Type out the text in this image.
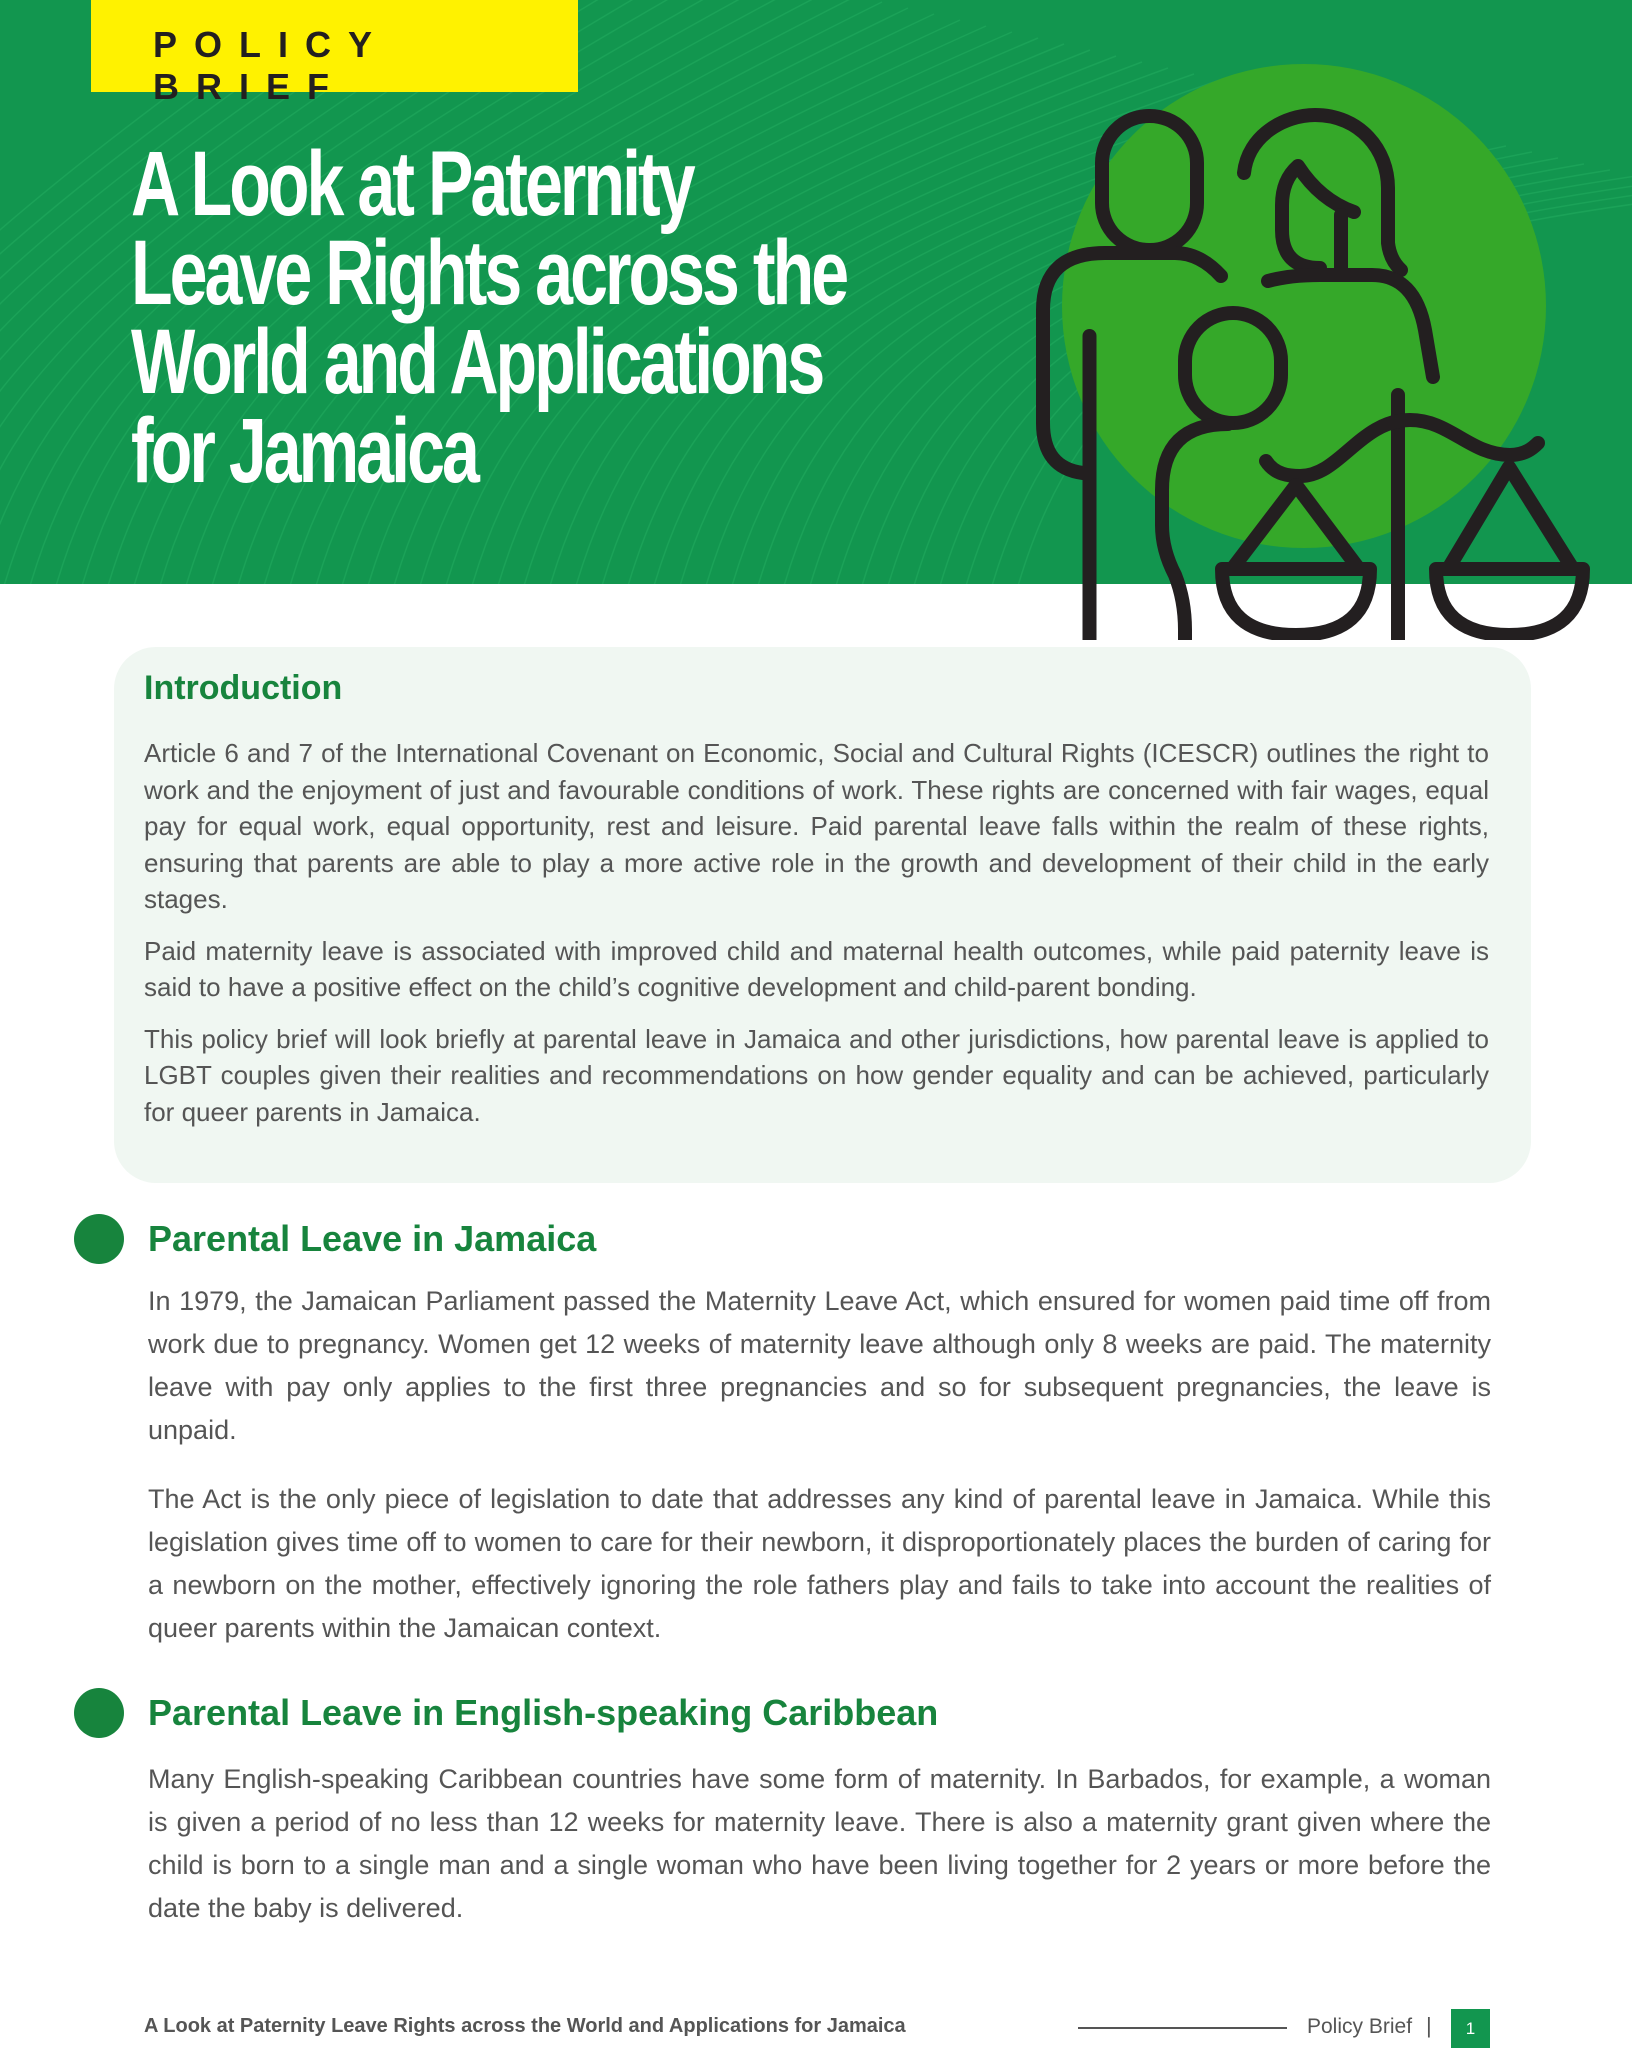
POLICY BRIEF
A Look at Paternity
Leave Rights across the
World and Applications
for Jamaica
Introduction

Article 6 and 7 of the International Covenant on Economic, Social and Cultural Rights (ICESCR) outlines the right to work and the enjoyment of just and favourable conditions of work. These rights are concerned with fair wages, equal pay for equal work, equal opportunity, rest and leisure. Paid parental leave falls within the realm of these rights, ensuring that parents are able to play a more active role in the growth and development of their child in the early stages.

Paid maternity leave is associated with improved child and maternal health outcomes, while paid paternity leave is said to have a positive effect on the child’s cognitive development and child-parent bonding.

This policy brief will look briefly at parental leave in Jamaica and other jurisdictions, how parental leave is applied to LGBT couples given their realities and recommendations on how gender equality and can be achieved, particularly for queer parents in Jamaica.

Parental Leave in Jamaica

In 1979, the Jamaican Parliament passed the Maternity Leave Act, which ensured for women paid time off from work due to pregnancy. Women get 12 weeks of maternity leave although only 8 weeks are paid. The maternity leave with pay only applies to the first three pregnancies and so for subsequent pregnancies, the leave is unpaid.

The Act is the only piece of legislation to date that addresses any kind of parental leave in Jamaica. While this legislation gives time off to women to care for their newborn, it disproportionately places the burden of caring for a newborn on the mother, effectively ignoring the role fathers play and fails to take into account the realities of queer parents within the Jamaican context.

Parental Leave in English-speaking Caribbean

Many English-speaking Caribbean countries have some form of maternity. In Barbados, for example, a woman is given a period of no less than 12 weeks for maternity leave. There is also a maternity grant given where the child is born to a single man and a single woman who have been living together for 2 years or more before the date the baby is delivered.

A Look at Paternity Leave Rights across the World and Applications for Jamaica	Policy Brief |	1
